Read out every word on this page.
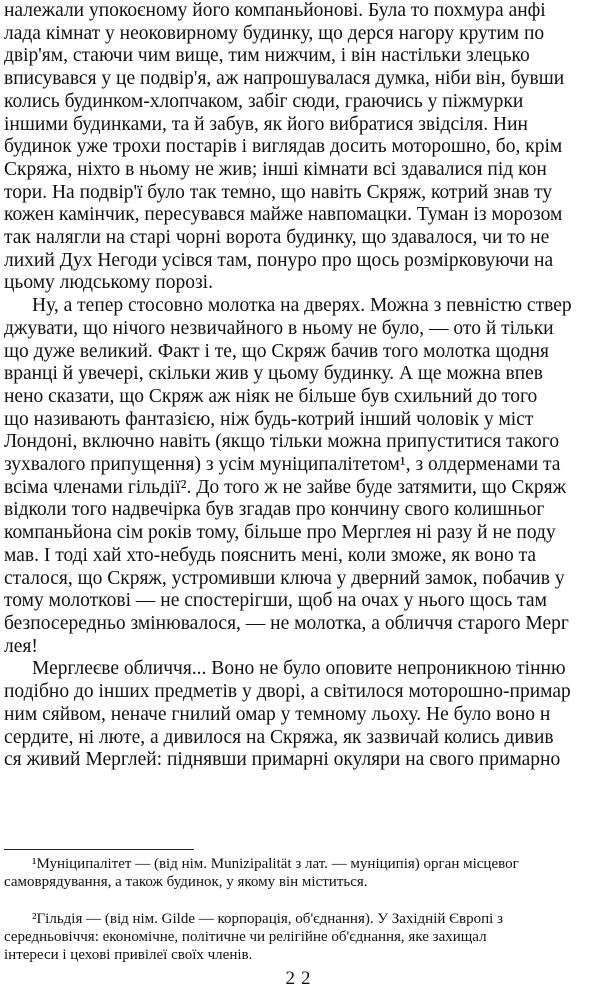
належали упокоєному його компаньйонові. Була то похмура анфі
лада кімнат у неоковирному будинку, що дерся нагору крутим по
двір'ям, стаючи чим вище, тим нижчим, і він настільки злецько
вписувався у це подвір'я, аж напрошувалася думка, ніби він, бувши
колись будинком-хлопчаком, забіг сюди, граючись у піжмурки
іншими будинками, та й забув, як його вибратися звідсіля. Нин
будинок уже трохи постарів і виглядав досить моторошно, бо, крім
Скряжа, ніхто в ньому не жив; інші кімнати всі здавалися під кон
тори. На подвір'ї було так темно, що навіть Скряж, котрий знав ту
кожен камінчик, пересувався майже навпомацки. Туман із морозом
так налягли на старі чорні ворота будинку, що здавалося, чи то не
лихий Дух Негоди усівся там, понуро про щось розмірковуючи на
цьому людському порозі.
Ну, а тепер стосовно молотка на дверях. Можна з певністю ствер
джувати, що нічого незвичайного в ньому не було, — ото й тільки
що дуже великий. Факт і те, що Скряж бачив того молотка щодня
вранці й увечері, скільки жив у цьому будинку. А ще можна впев
нено сказати, що Скряж аж ніяк не більше був схильний до того
що називають фантазією, ніж будь-котрий інший чоловік у міст
Лондоні, включно навіть (якщо тільки можна припуститися такого
зухвалого припущення) з усім муніципалітетом¹, з олдерменами та
всіма членами гільдії². До того ж не зайве буде затямити, що Скряж
відколи того надвечірка був згадав про кончину свого колишньог
компаньйона сім років тому, більше про Мерглея ні разу й не поду
мав. І тоді хай хто-небудь пояснить мені, коли зможе, як воно та
сталося, що Скряж, устромивши ключа у дверний замок, побачив у
тому молоткові — не спостерігши, щоб на очах у нього щось там
безпосередньо змінювалося, — не молотка, а обличчя старого Мерг
лея!
Мерглеєве обличчя... Воно не було оповите непроникною тінню
подібно до інших предметів у дворі, а світилося моторошно-примар
ним сяйвом, неначе гнилий омар у темному льоху. Не було воно н
сердите, ні люте, а дивилося на Скряжа, як зазвичай колись дивив
ся живий Мерглей: піднявши примарні окуляри на свого примарно
¹Муніципалітет — (від нім. Munizipalität з лат. — муніципія) орган місцевог
самоврядування, а також будинок, у якому він міститься.
²Гільдія — (від нім. Gilde — корпорація, об'єднання). У Західній Європі з
середньовіччя: економічне, політичне чи релігійне об'єднання, яке захищал
інтереси і цехові привілеї своїх членів.
22
